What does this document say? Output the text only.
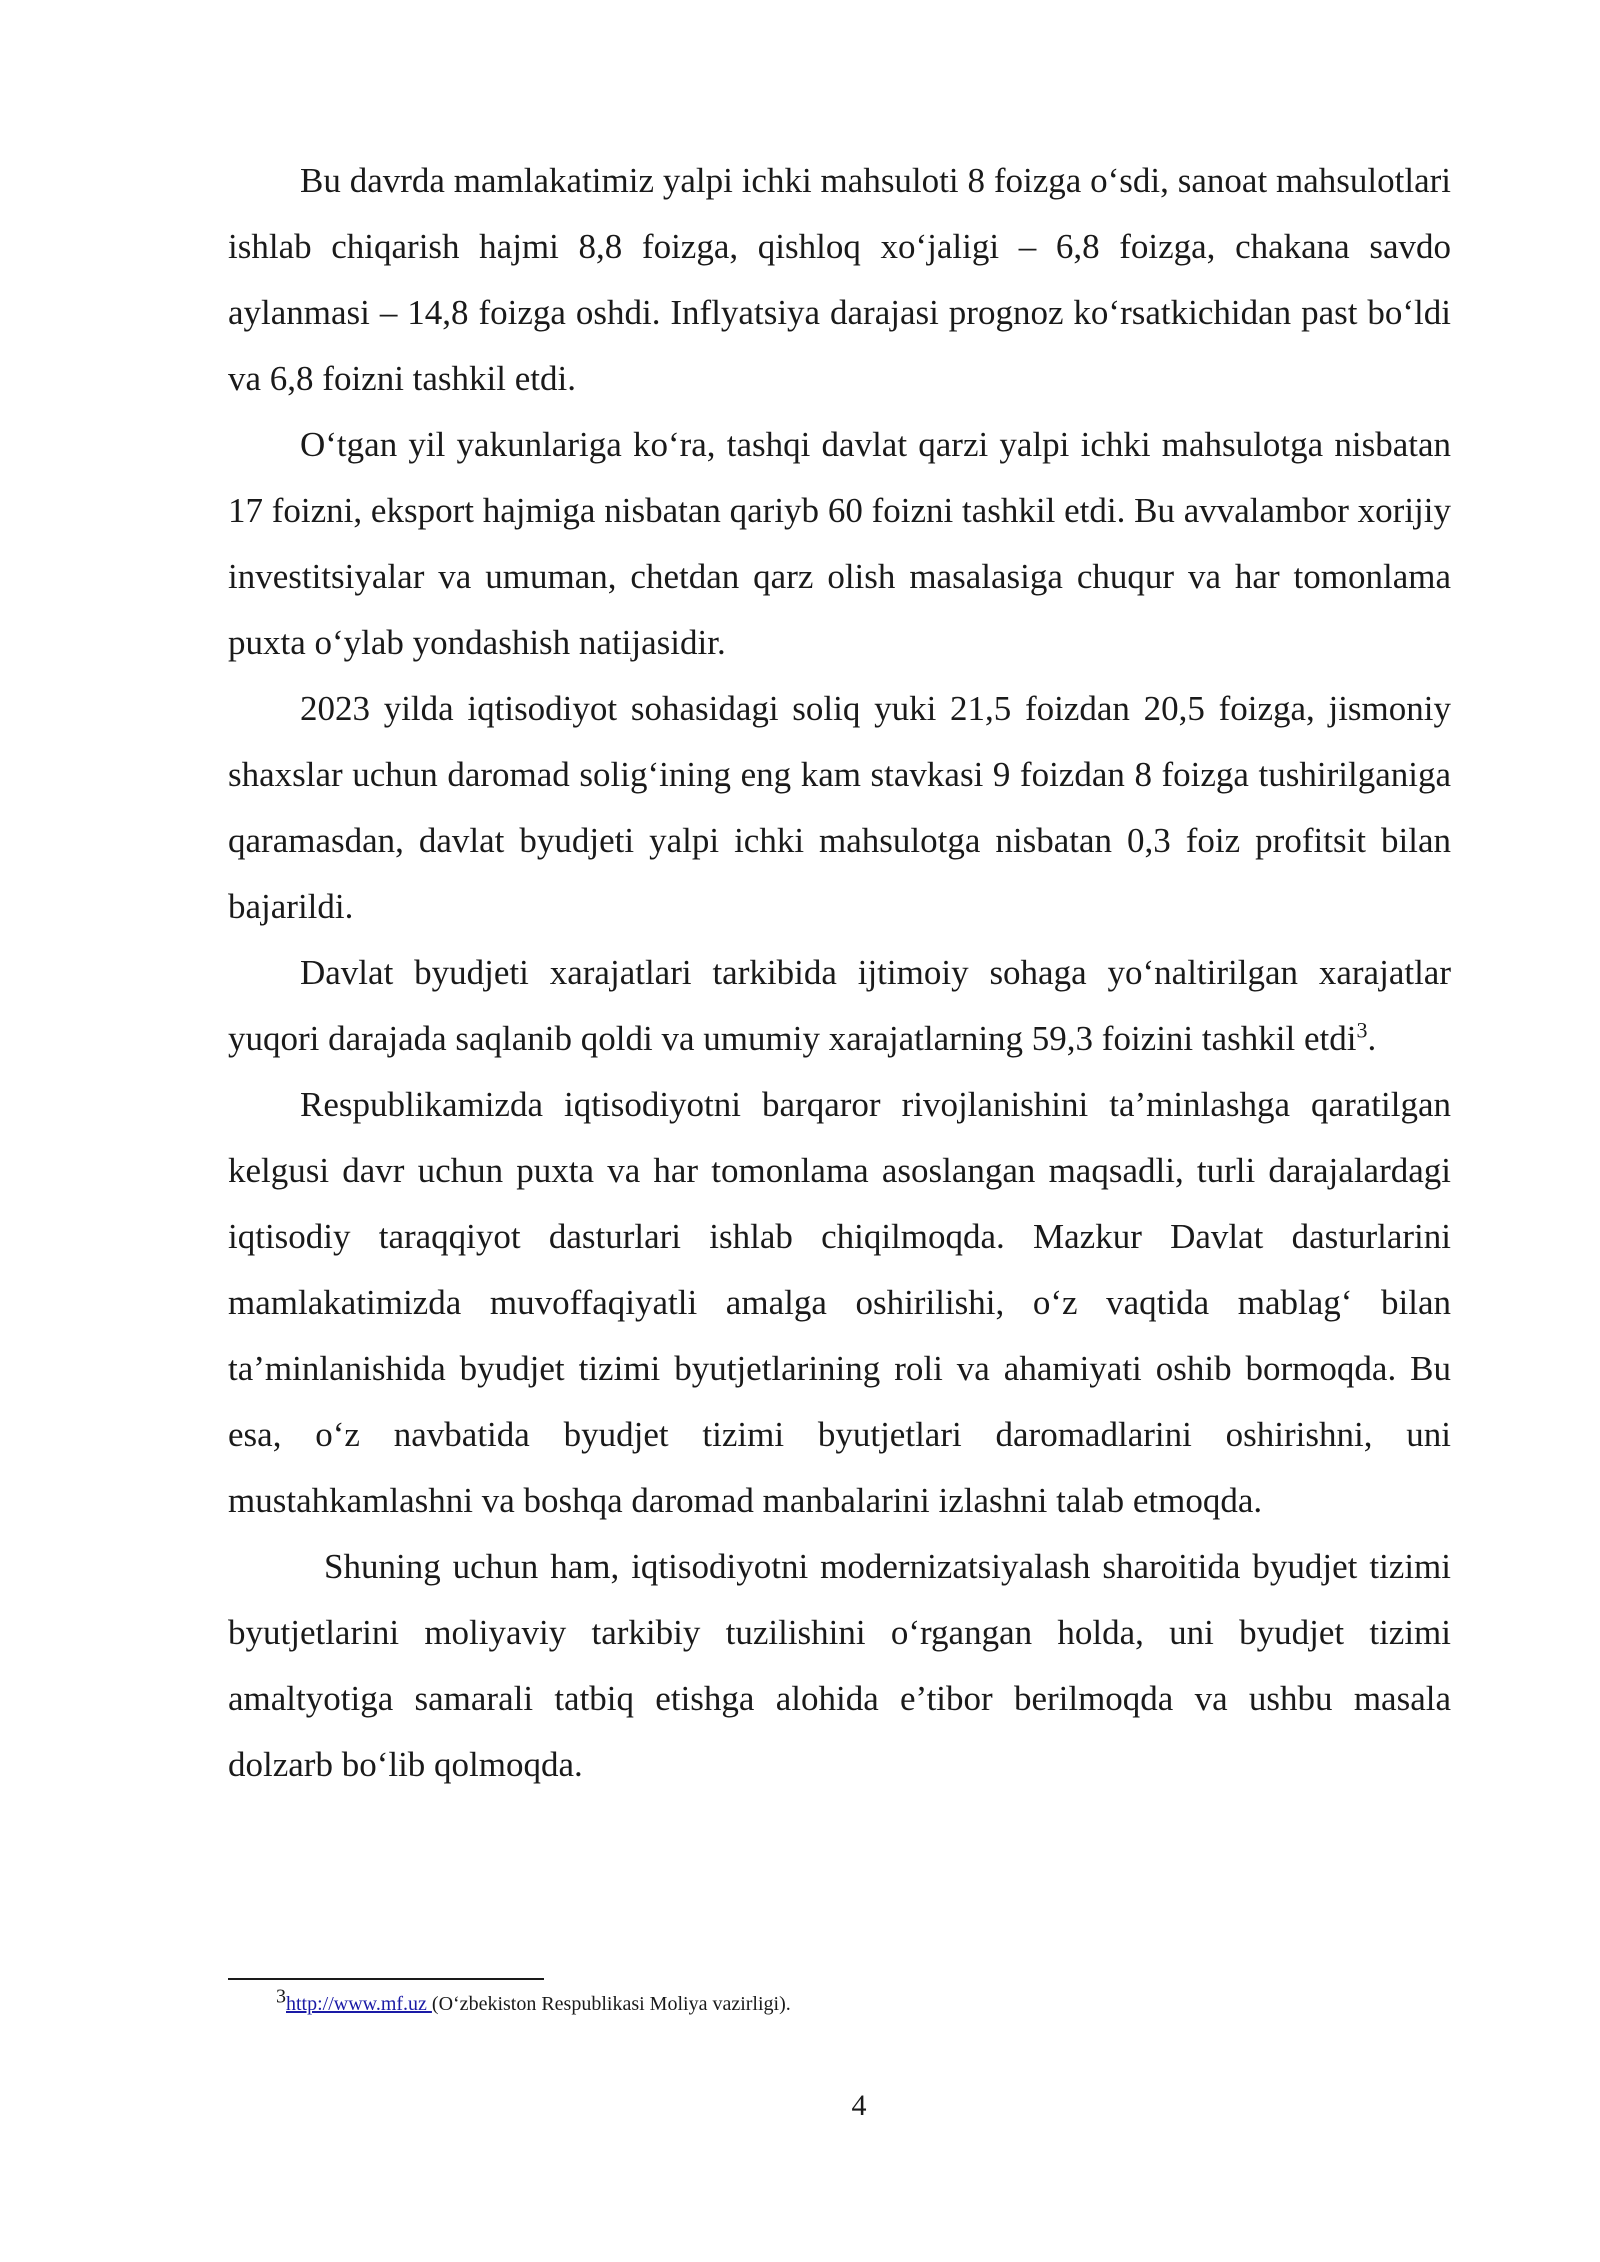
Bu davrda mamlakatimiz yalpi ichki mahsuloti 8 foizga o‘sdi, sanoat mahsulotlari ishlab chiqarish hajmi 8,8 foizga, qishloq xo‘jaligi – 6,8 foizga, chakana savdo aylanmasi – 14,8 foizga oshdi. Inflyatsiya darajasi prognoz ko‘rsatkichidan past bo‘ldi va 6,8 foizni tashkil etdi.

O‘tgan yil yakunlariga ko‘ra, tashqi davlat qarzi yalpi ichki mahsulotga nisbatan 17 foizni, eksport hajmiga nisbatan qariyb 60 foizni tashkil etdi. Bu avvalambor xorijiy investitsiyalar va umuman, chetdan qarz olish masalasiga chuqur va har tomonlama puxta o‘ylab yondashish natijasidir.

2023 yilda iqtisodiyot sohasidagi soliq yuki 21,5 foizdan 20,5 foizga, jismoniy shaxslar uchun daromad solig‘ining eng kam stavkasi 9 foizdan 8 foizga tushirilganiga qaramasdan, davlat byudjeti yalpi ichki mahsulotga nisbatan 0,3 foiz profitsit bilan bajarildi.

Davlat byudjeti xarajatlari tarkibida ijtimoiy sohaga yo‘naltirilgan xarajatlar yuqori darajada saqlanib qoldi va umumiy xarajatlarning 59,3 foizini tashkil etdi$^3$.

Respublikamizda iqtisodiyotni barqaror rivojlanishini ta’minlashga qaratilgan kelgusi davr uchun puxta va har tomonlama asoslangan maqsadli, turli darajalardagi iqtisodiy taraqqiyot dasturlari ishlab chiqilmoqda. Mazkur Davlat dasturlarini mamlakatimizda muvoffaqiyatli amalga oshirilishi, o‘z vaqtida mablag‘ bilan ta’minlanishida byudjet tizimi byutjetlarining roli va ahamiyati oshib bormoqda. Bu esa, o‘z navbatida byudjet tizimi byutjetlari daromadlarini oshirishni, uni mustahkamlashni va boshqa daromad manbalarini izlashni talab etmoqda.

Shuning uchun ham, iqtisodiyotni modernizatsiyalash sharoitida byudjet tizimi byutjetlarini moliyaviy tarkibiy tuzilishini o‘rgangan holda, uni byudjet tizimi amaltyotiga samarali tatbiq etishga alohida e’tibor berilmoqda va ushbu masala dolzarb bo‘lib qolmoqda.

3http://www.mf.uz (O‘zbekiston Respublikasi Moliya vazirligi).
4
